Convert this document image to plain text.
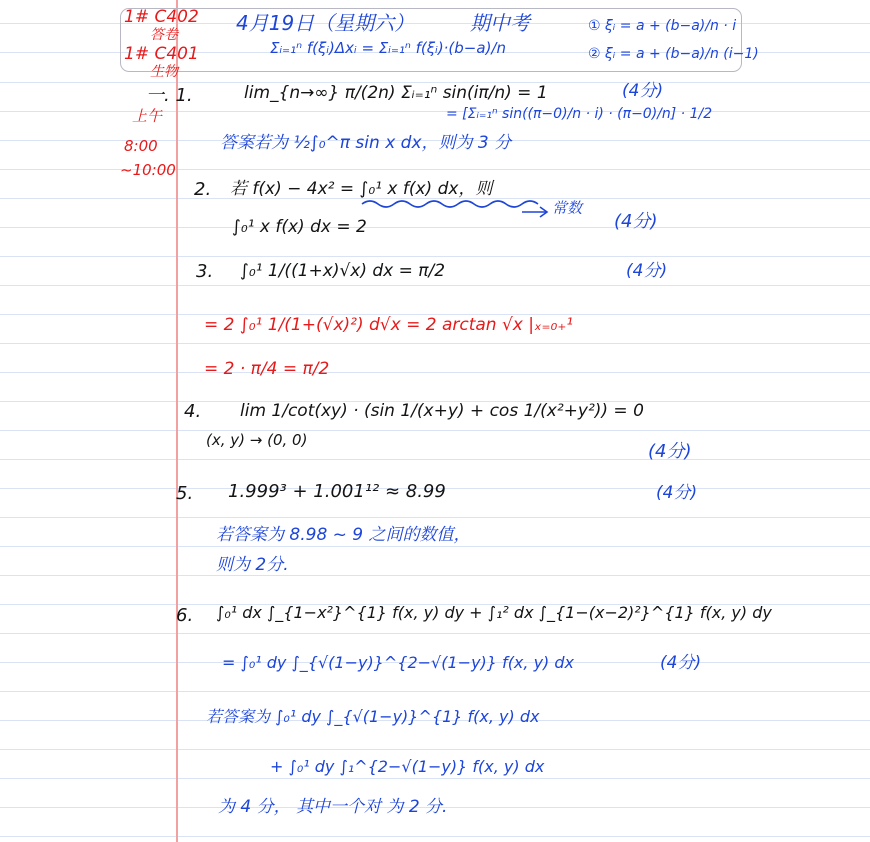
1# C402
答卷
1# C401
生物
4月19日（星期六）	期中考
Σᵢ₌₁ⁿ f(ξᵢ)Δxᵢ = Σᵢ₌₁ⁿ f(ξᵢ)·(b−a)/n
① ξᵢ = a + (b−a)/n · i
② ξᵢ = a + (b−a)/n (i−1)
上午
8:00
~10:00
一. 1.	lim_{n→∞} π/(2n) Σᵢ₌₁ⁿ sin(iπ/n) = 1	(4分)
= [Σᵢ₌₁ⁿ sin((π−0)/n · i) · (π−0)/n] · 1/2
答案若为 ½∫₀^π sin x dx，则为 3 分
2. 若 f(x) − 4x² = ∫₀¹ x f(x) dx，则
常数
∫₀¹ x f(x) dx = 2	(4分)
3. ∫₀¹ 1/((1+x)√x) dx = π/2	(4分)
= 2 ∫₀¹ 1/(1+(√x)²) d√x = 2 arctan √x |ₓ₌₀₊¹
= 2 · π/4 = π/2
4. lim 1/cot(xy) · (sin 1/(x+y) + cos 1/(x²+y²)) = 0
(x, y) → (0, 0)
(4分)
5. 1.999³ + 1.001¹² ≈ 8.99	(4分)
若答案为 8.98 ~ 9 之间的数值，
则为 2分.
6. ∫₀¹ dx ∫_{1−x²}^{1} f(x, y) dy + ∫₁² dx ∫_{1−(x−2)²}^{1} f(x, y) dy
= ∫₀¹ dy ∫_{√(1−y)}^{2−√(1−y)} f(x, y) dx	(4分)
若答案为 ∫₀¹ dy ∫_{√(1−y)}^{1} f(x, y) dx
+ ∫₀¹ dy ∫₁^{2−√(1−y)} f(x, y) dx
为 4 分， 其中一个对 为 2 分.
